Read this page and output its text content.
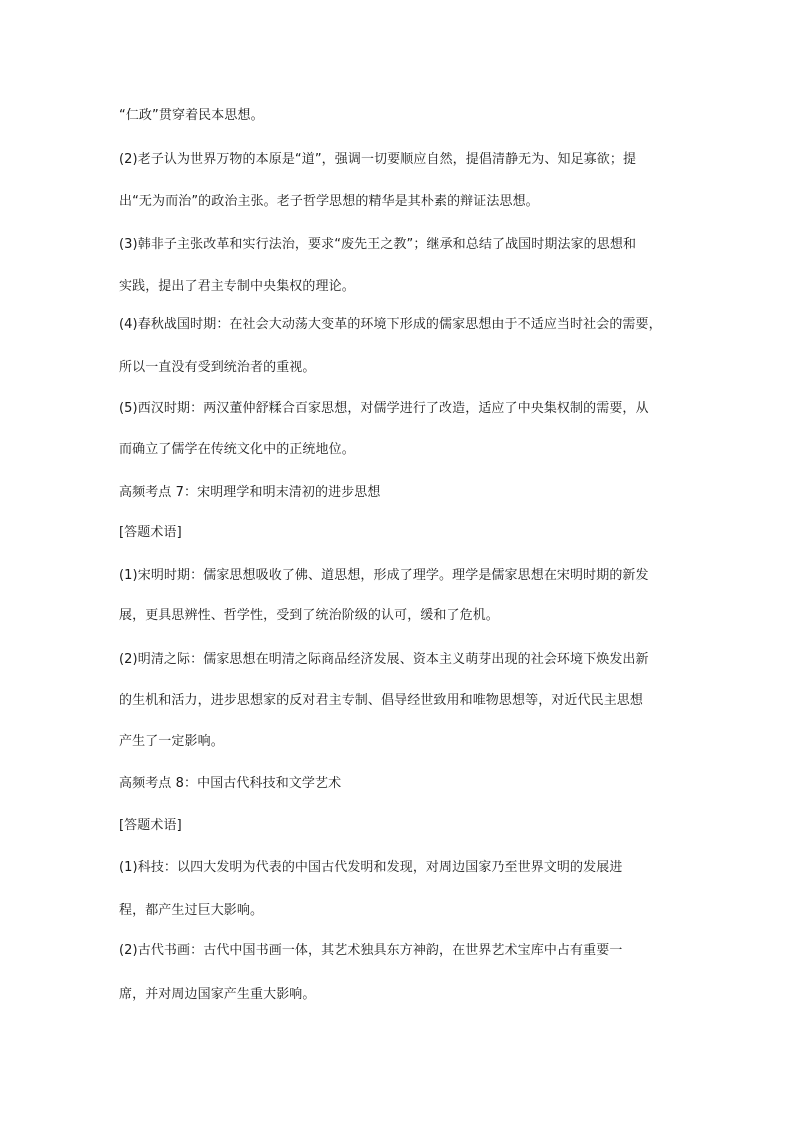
“仁政”贯穿着民本思想。
(2)老子认为世界万物的本原是“道”，强调一切要顺应自然，提倡清静无为、知足寡欲；提
出“无为而治”的政治主张。老子哲学思想的精华是其朴素的辩证法思想。
(3)韩非子主张改革和实行法治，要求“废先王之教”；继承和总结了战国时期法家的思想和
实践，提出了君主专制中央集权的理论。
(4)春秋战国时期：在社会大动荡大变革的环境下形成的儒家思想由于不适应当时社会的需要，
所以一直没有受到统治者的重视。
(5)西汉时期：两汉董仲舒糅合百家思想，对儒学进行了改造，适应了中央集权制的需要，从
而确立了儒学在传统文化中的正统地位。
高频考点 7：宋明理学和明末清初的进步思想
[答题术语]
(1)宋明时期：儒家思想吸收了佛、道思想，形成了理学。理学是儒家思想在宋明时期的新发
展，更具思辨性、哲学性，受到了统治阶级的认可，缓和了危机。
(2)明清之际：儒家思想在明清之际商品经济发展、资本主义萌芽出现的社会环境下焕发出新
的生机和活力，进步思想家的反对君主专制、倡导经世致用和唯物思想等，对近代民主思想
产生了一定影响。
高频考点 8：中国古代科技和文学艺术
[答题术语]
(1)科技：以四大发明为代表的中国古代发明和发现，对周边国家乃至世界文明的发展进
程，都产生过巨大影响。
(2)古代书画：古代中国书画一体，其艺术独具东方神韵，在世界艺术宝库中占有重要一
席，并对周边国家产生重大影响。
